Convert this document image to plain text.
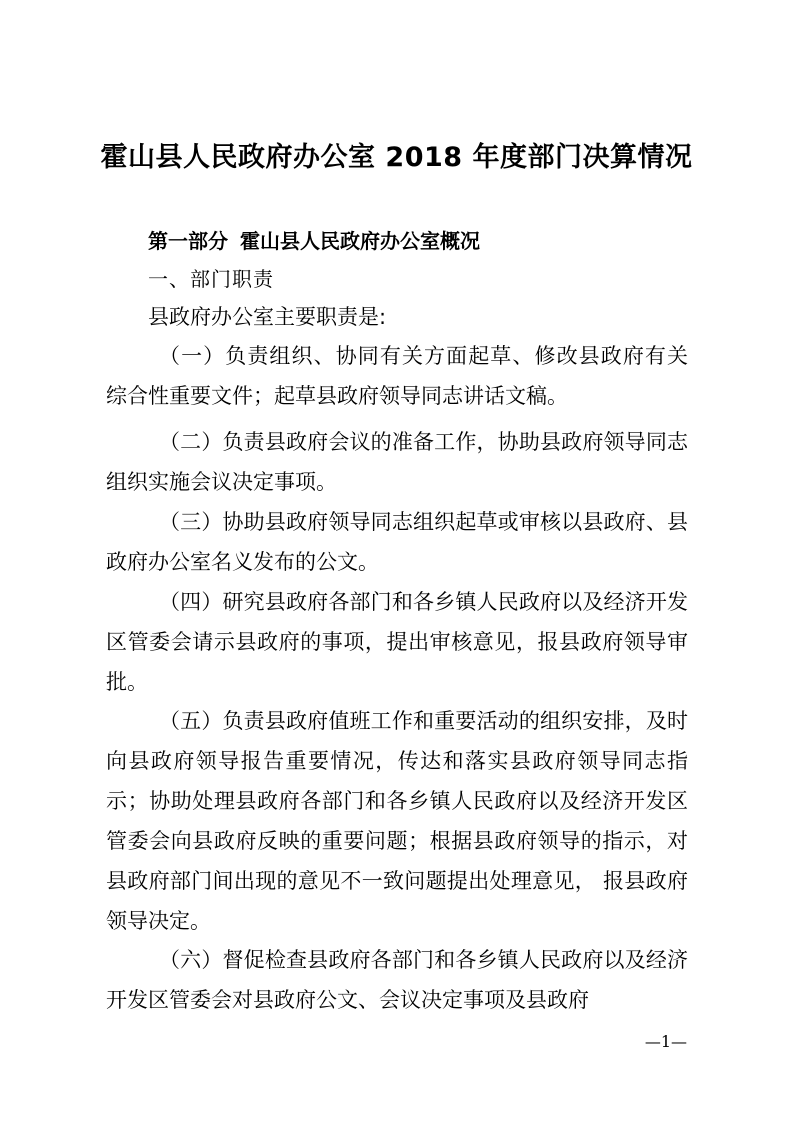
霍山县人民政府办公室 2018 年度部门决算情况
第一部分 霍山县人民政府办公室概况
一、部门职责
县政府办公室主要职责是:
（一）负责组织、协同有关方面起草、修改县政府有关 综合性重要文件；起草县政府领导同志讲话文稿。
（二）负责县政府会议的准备工作，协助县政府领导同志组织实施会议决定事项。
（三）协助县政府领导同志组织起草或审核以县政府、县政府办公室名义发布的公文。
（四）研究县政府各部门和各乡镇人民政府以及经济开发区管委会请示县政府的事项，提出审核意见，报县政府领导审批。
（五）负责县政府值班工作和重要活动的组织安排，及时向县政府领导报告重要情况，传达和落实县政府领导同志指示；协助处理县政府各部门和各乡镇人民政府以及经济开发区管委会向县政府反映的重要问题；根据县政府领导的指示，对县政府部门间出现的意见不一致问题提出处理意见， 报县政府领导决定。
（六）督促检查县政府各部门和各乡镇人民政府以及经济开发区管委会对县政府公文、会议决定事项及县政府
—1—
